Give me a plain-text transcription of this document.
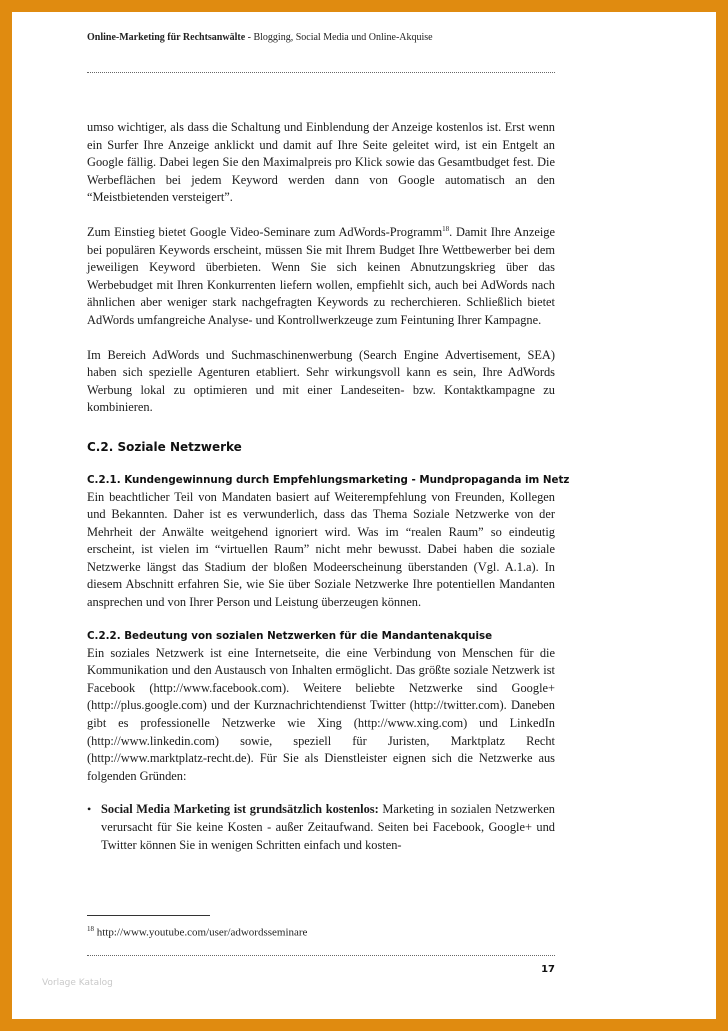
Online-Marketing für Rechtsanwälte - Blogging, Social Media und Online-Akquise

umso wichtiger, als dass die Schaltung und Einblendung der Anzeige kostenlos ist. Erst wenn ein Surfer Ihre Anzeige anklickt und damit auf Ihre Seite geleitet wird, ist ein Entgelt an Google fällig. Dabei legen Sie den Maximalpreis pro Klick sowie das Gesamtbudget fest. Die Werbeflächen bei jedem Keyword werden dann von Google automatisch an den “Meistbietenden versteigert”.

Zum Einstieg bietet Google Video-Seminare zum AdWords-Programm$^{18}$. Damit Ihre Anzeige bei populären Keywords erscheint, müssen Sie mit Ihrem Budget Ihre Wettbewerber bei dem jeweiligen Keyword überbieten. Wenn Sie sich keinen Abnutzungskrieg über das Werbebudget mit Ihren Konkurrenten liefern wollen, empfiehlt sich, auch bei AdWords nach ähnlichen aber weniger stark nachgefragten Keywords zu recherchieren. Schließlich bietet AdWords umfangreiche Analyse- und Kontrollwerkzeuge zum Feintuning Ihrer Kampagne.

Im Bereich AdWords und Suchmaschinenwerbung (Search Engine Advertisement, SEA) haben sich spezielle Agenturen etabliert. Sehr wirkungsvoll kann es sein, Ihre AdWords Werbung lokal zu optimieren und mit einer Landeseiten- bzw. Kontaktkampagne zu kombinieren.

C.2. Soziale Netzwerke
C.2.1. Kundengewinnung durch Empfehlungsmarketing - Mundpropaganda im Netz

Ein beachtlicher Teil von Mandaten basiert auf Weiterempfehlung von Freunden, Kollegen und Bekannten. Daher ist es verwunderlich, dass das Thema Soziale Netzwerke von der Mehrheit der Anwälte weitgehend ignoriert wird. Was im “realen Raum” so eindeutig erscheint, ist vielen im “virtuellen Raum” nicht mehr bewusst. Dabei haben die soziale Netzwerke längst das Stadium der bloßen Modeerscheinung überstanden (Vgl. A.1.a). In diesem Abschnitt erfahren Sie, wie Sie über Soziale Netzwerke Ihre potentiellen Mandanten ansprechen und von Ihrer Person und Leistung überzeugen können.

C.2.2. Bedeutung von sozialen Netzwerken für die Mandantenakquise

Ein soziales Netzwerk ist eine Internetseite, die eine Verbindung von Menschen für die Kommunikation und den Austausch von Inhalten ermöglicht. Das größte soziale Netzwerk ist Facebook (http://www.facebook.com). Weitere beliebte Netzwerke sind Google+ (http://plus.google.com) und der Kurznachrichtendienst Twitter (http://twitter.com). Daneben gibt es professionelle Netzwerke wie Xing (http://www.xing.com) und LinkedIn (http://www.linkedin.com) sowie, speziell für Juristen, Marktplatz Recht (http://www.marktplatz-recht.de). Für Sie als Dienstleister eignen sich die Netzwerke aus folgenden Gründen:

• Social Media Marketing ist grundsätzlich kostenlos: Marketing in sozialen Netzwerken verursacht für Sie keine Kosten - außer Zeitaufwand. Seiten bei Facebook, Google+ und Twitter können Sie in wenigen Schritten einfach und kosten-
$^{18}$ http://www.youtube.com/user/adwordsseminare
17
Vorlage Katalog
